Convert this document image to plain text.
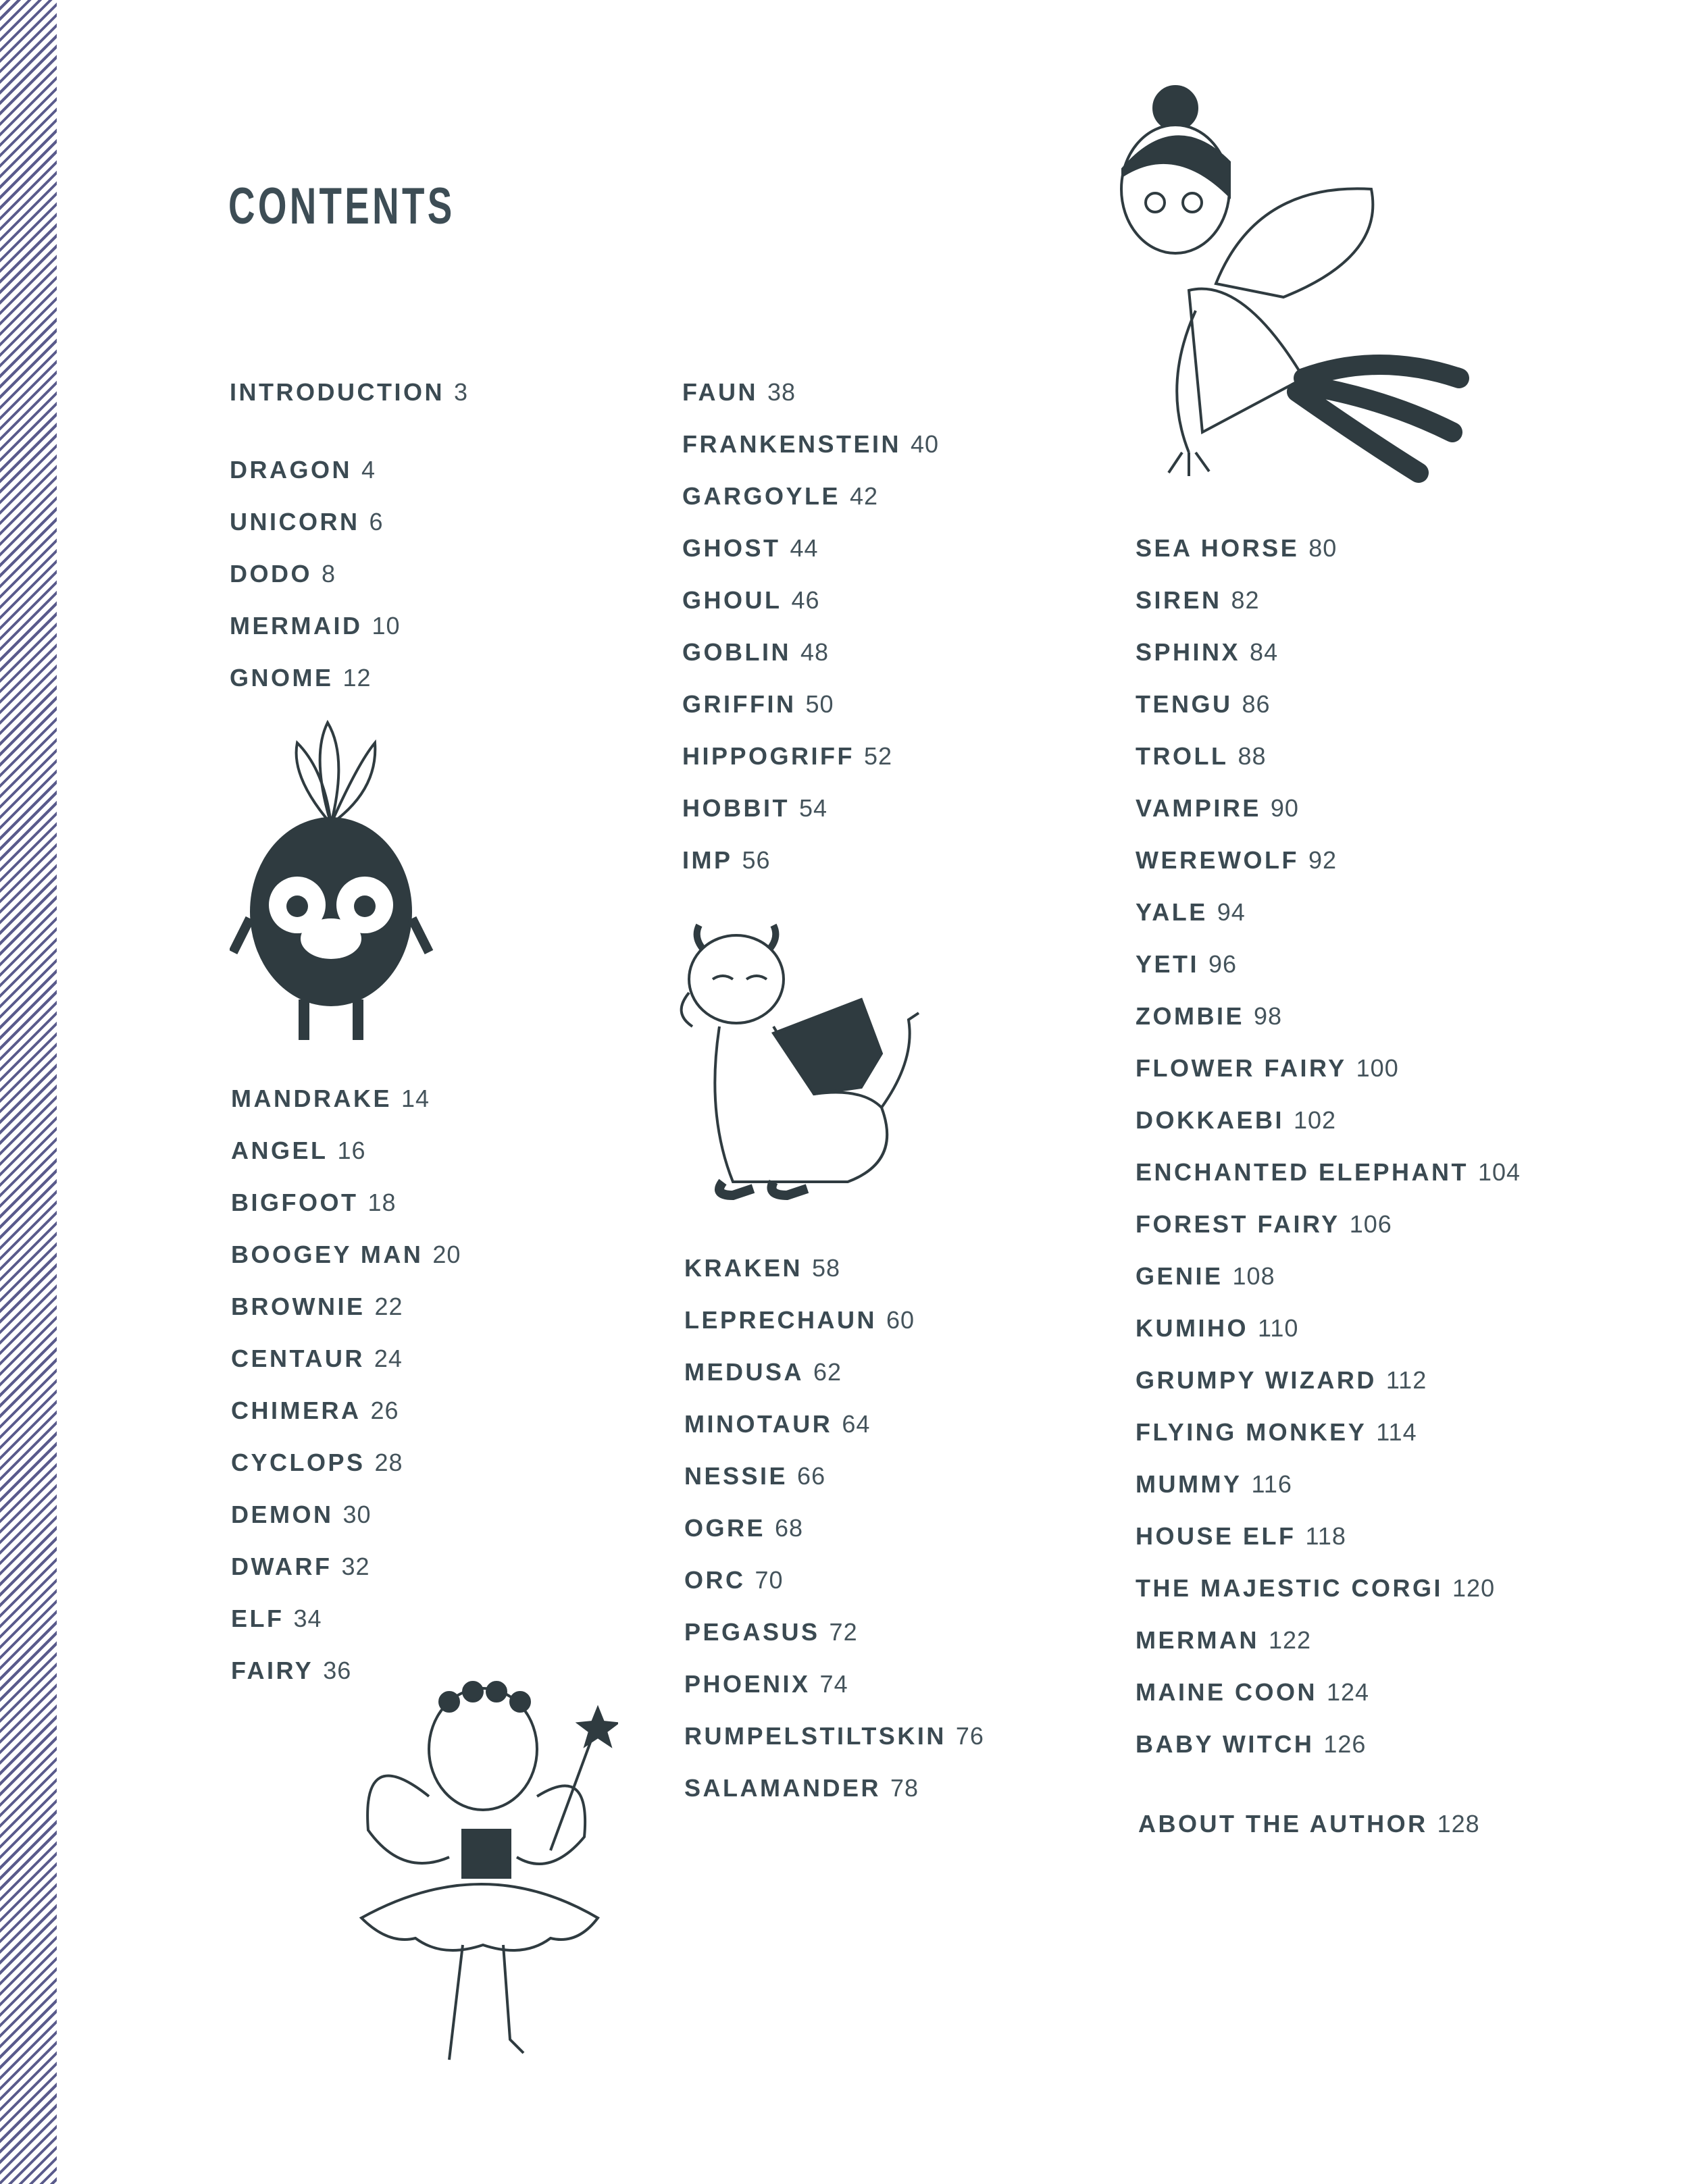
CONTENTS
INTRODUCTION 3
DRAGON 4
UNICORN 6
DODO 8
MERMAID 10
GNOME 12
MANDRAKE 14
ANGEL 16
BIGFOOT 18
BOOGEY MAN 20
BROWNIE 22
CENTAUR 24
CHIMERA 26
CYCLOPS 28
DEMON 30
DWARF 32
ELF 34
FAIRY 36
FAUN 38
FRANKENSTEIN 40
GARGOYLE 42
GHOST 44
GHOUL 46
GOBLIN 48
GRIFFIN 50
HIPPOGRIFF 52
HOBBIT 54
IMP 56
KRAKEN 58
LEPRECHAUN 60
MEDUSA 62
MINOTAUR 64
NESSIE 66
OGRE 68
ORC 70
PEGASUS 72
PHOENIX 74
RUMPELSTILTSKIN 76
SALAMANDER 78
SEA HORSE 80
SIREN 82
SPHINX 84
TENGU 86
TROLL 88
VAMPIRE 90
WEREWOLF 92
YALE 94
YETI 96
ZOMBIE 98
FLOWER FAIRY 100
DOKKAEBI 102
ENCHANTED ELEPHANT 104
FOREST FAIRY 106
GENIE 108
KUMIHO 110
GRUMPY WIZARD 112
FLYING MONKEY 114
MUMMY 116
HOUSE ELF 118
THE MAJESTIC CORGI 120
MERMAN 122
MAINE COON 124
BABY WITCH 126
ABOUT THE AUTHOR 128
